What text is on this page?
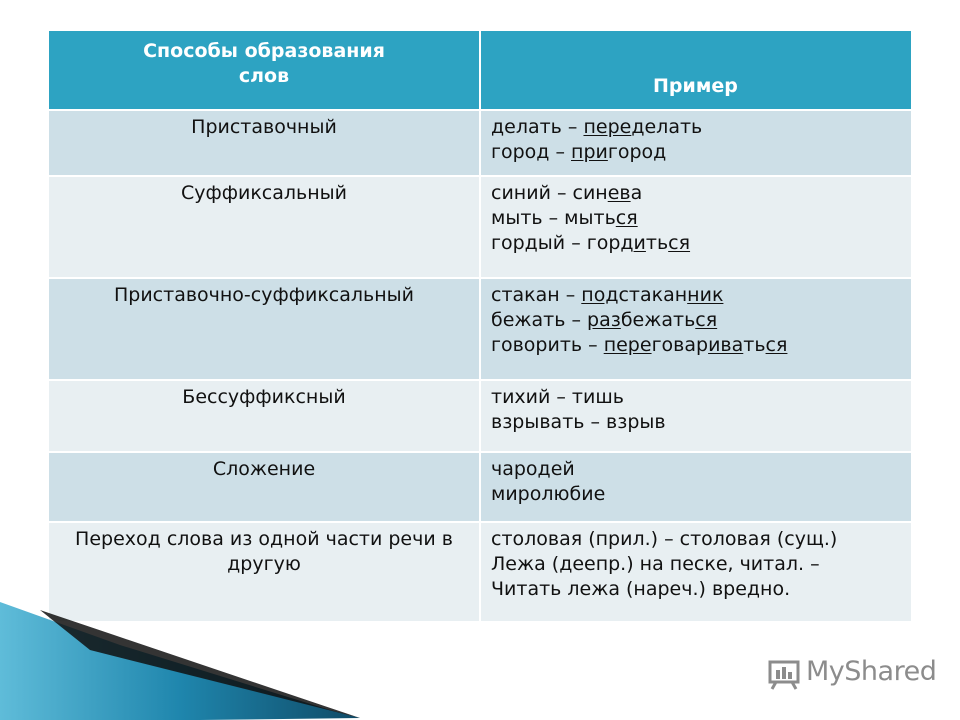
Способы образования
слов	Пример
Приставочный	делать – переделать
город – пригород

Суффиксальный	синий – синева
мыть – мыться
гордый – гордиться

Приставочно-суффиксальный	стакан – подстаканник
бежать – разбежаться
говорить – переговариваться

Бессуффиксный	тихий – тишь
взрывать – взрыв

Сложение	чародей
миролюбие

Переход слова из одной части речи в другую	столовая (прил.) – столовая (сущ.)
Лежа (деепр.) на песке, читал. –
Читать лежа (нареч.) вредно.
MyShared
